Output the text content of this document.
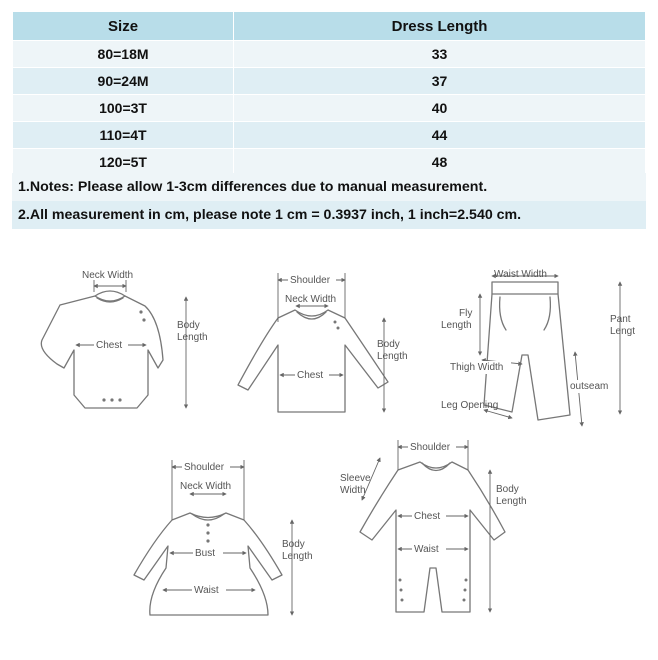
Size	Dress Length
80=18M	33
90=24M	37
100=3T	40
110=4T	44
120=5T	48
1.Notes: Please allow 1-3cm differences due to manual measurement.
2.All measurement in cm, please note 1 cm = 0.3937 inch, 1 inch=2.540 cm.
Neck Width
Chest
Body
Length
Shoulder
Neck Width
Chest
Body
Length
Waist Width
Fly
Length
Pant
Lengt
Thigh Width
outseam
Leg Opening
Shoulder
Neck Width
Bust
Waist
Body
Length
Shoulder
Sleeve
Width
Chest
Waist
Body
Length
